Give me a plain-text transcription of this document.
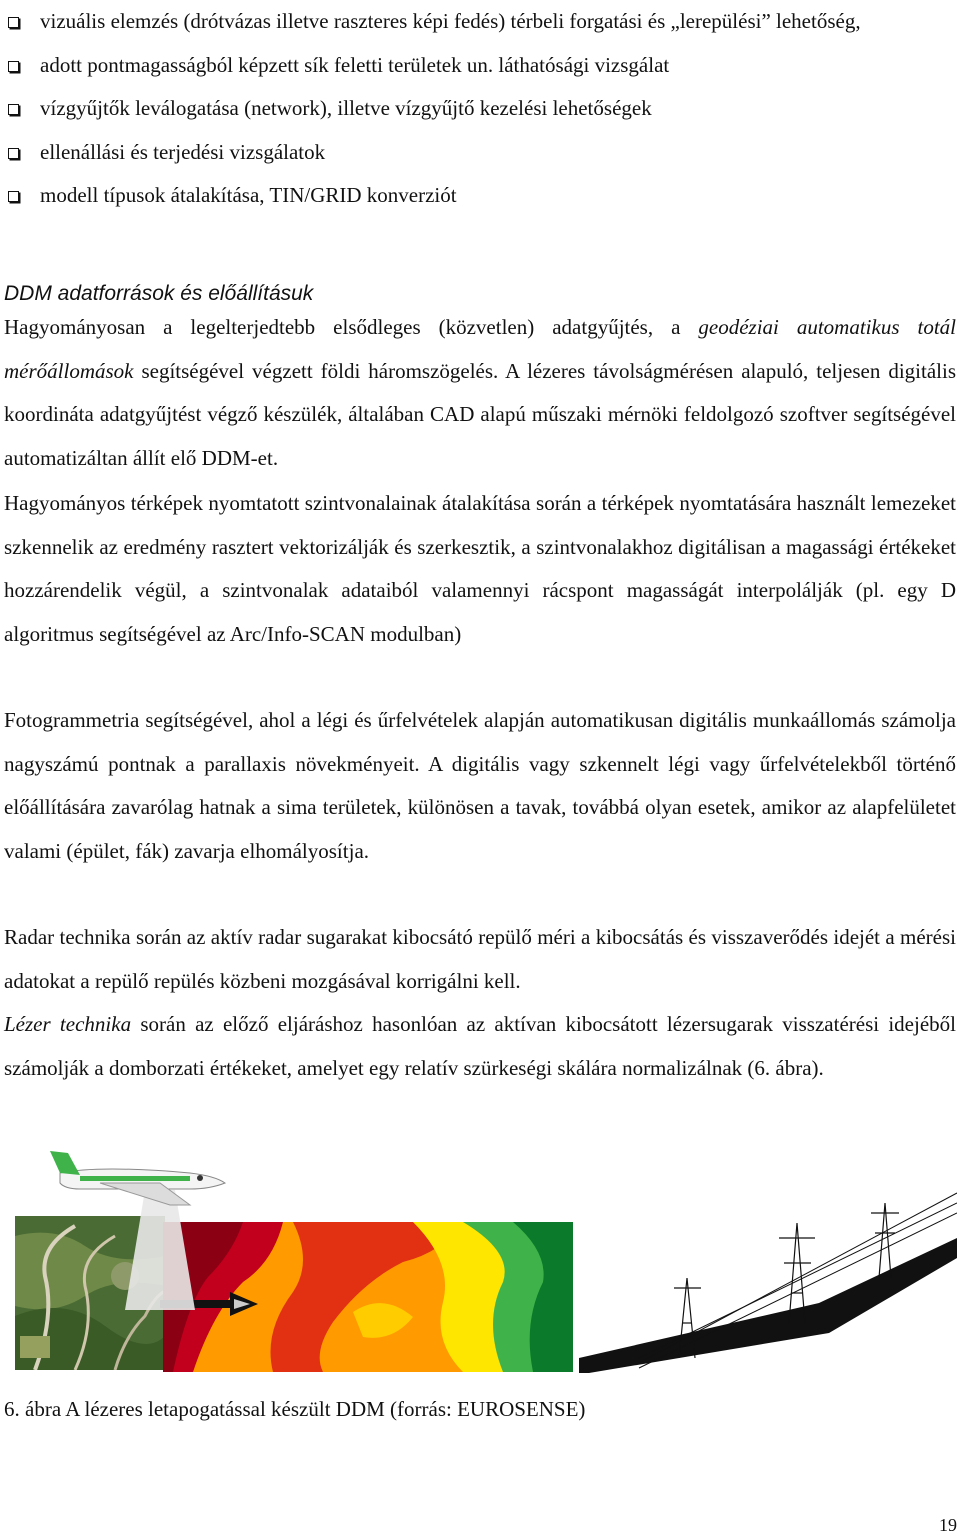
vizuális elemzés (drótvázas illetve raszteres képi fedés) térbeli forgatási és „lerepülési” lehetőség,
adott pontmagasságból képzett sík feletti területek un. láthatósági vizsgálat
vízgyűjtők leválogatása (network), illetve vízgyűjtő kezelési lehetőségek
ellenállási és terjedési vizsgálatok
modell típusok átalakítása, TIN/GRID konverziót
DDM adatforrások és előállításuk

Hagyományosan a legelterjedtebb elsődleges (közvetlen) adatgyűjtés, a geodéziai automatikus totál mérőállomások segítségével végzett földi háromszögelés. A lézeres távolságmérésen alapuló, teljesen digitális koordináta adatgyűjtést végző készülék, általában CAD alapú műszaki mérnöki feldolgozó szoftver segítségével automatizáltan állít elő DDM-et.

Hagyományos térképek nyomtatott szintvonalainak átalakítása során a térképek nyomtatására használt lemezeket szkennelik az eredmény rasztert vektorizálják és szerkesztik, a szintvonalakhoz digitálisan a magassági értékeket hozzárendelik végül, a szintvonalak adataiból valamennyi rácspont magasságát interpolálják (pl. egy D algoritmus segítségével az Arc/Info-SCAN modulban)

Fotogrammetria segítségével, ahol a légi és űrfelvételek alapján automatikusan digitális munkaállomás számolja nagyszámú pontnak a parallaxis növekményeit. A digitális vagy szkennelt légi vagy űrfelvételekből történő előállítására zavarólag hatnak a sima területek, különösen a tavak, továbbá olyan esetek, amikor az alapfelületet valami (épület, fák) zavarja elhomályosítja.

Radar technika során az aktív radar sugarakat kibocsátó repülő méri a kibocsátás és visszaverődés idejét a mérési adatokat a repülő repülés közbeni mozgásával korrigálni kell.

Lézer technika során az előző eljáráshoz hasonlóan az aktívan kibocsátott lézersugarak visszatérési idejéből számolják a domborzati értékeket, amelyet egy relatív szürkeségi skálára normalizálnak (6. ábra).

6. ábra A lézeres letapogatással készült DDM (forrás: EUROSENSE)
19
